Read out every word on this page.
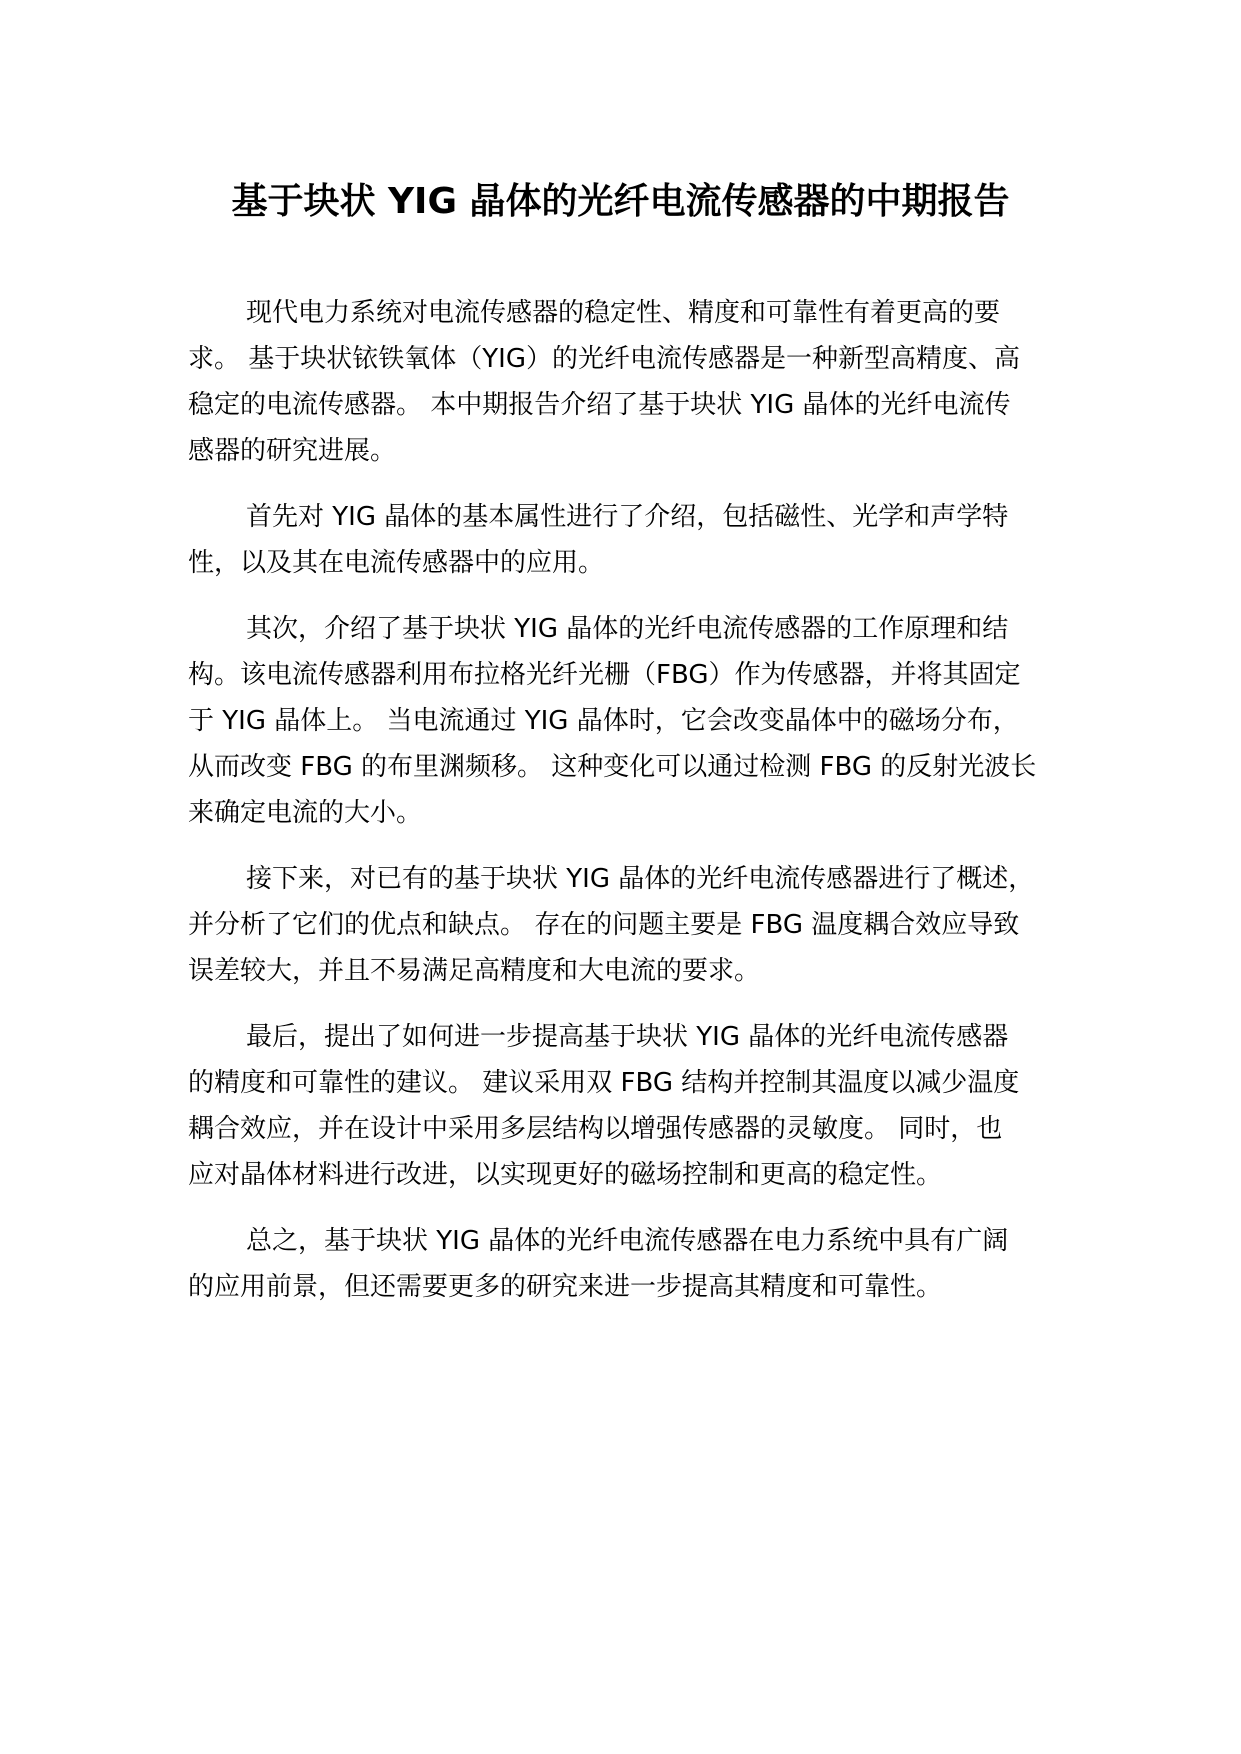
基于块状 YIG 晶体的光纤电流传感器的中期报告

现代电力系统对电流传感器的稳定性、精度和可靠性有着更高的要
求。 基于块状铱铁氧体（YIG）的光纤电流传感器是一种新型高精度、高
稳定的电流传感器。 本中期报告介绍了基于块状 YIG 晶体的光纤电流传
感器的研究进展。

首先对 YIG 晶体的基本属性进行了介绍，包括磁性、光学和声学特
性，以及其在电流传感器中的应用。

其次，介绍了基于块状 YIG 晶体的光纤电流传感器的工作原理和结
构。该电流传感器利用布拉格光纤光栅（FBG）作为传感器，并将其固定
于 YIG 晶体上。 当电流通过 YIG 晶体时，它会改变晶体中的磁场分布，
从而改变 FBG 的布里渊频移。 这种变化可以通过检测 FBG 的反射光波长
来确定电流的大小。

接下来，对已有的基于块状 YIG 晶体的光纤电流传感器进行了概述，
并分析了它们的优点和缺点。 存在的问题主要是 FBG 温度耦合效应导致
误差较大，并且不易满足高精度和大电流的要求。

最后，提出了如何进一步提高基于块状 YIG 晶体的光纤电流传感器
的精度和可靠性的建议。 建议采用双 FBG 结构并控制其温度以减少温度
耦合效应，并在设计中采用多层结构以增强传感器的灵敏度。 同时，也
应对晶体材料进行改进，以实现更好的磁场控制和更高的稳定性。

总之，基于块状 YIG 晶体的光纤电流传感器在电力系统中具有广阔
的应用前景，但还需要更多的研究来进一步提高其精度和可靠性。
